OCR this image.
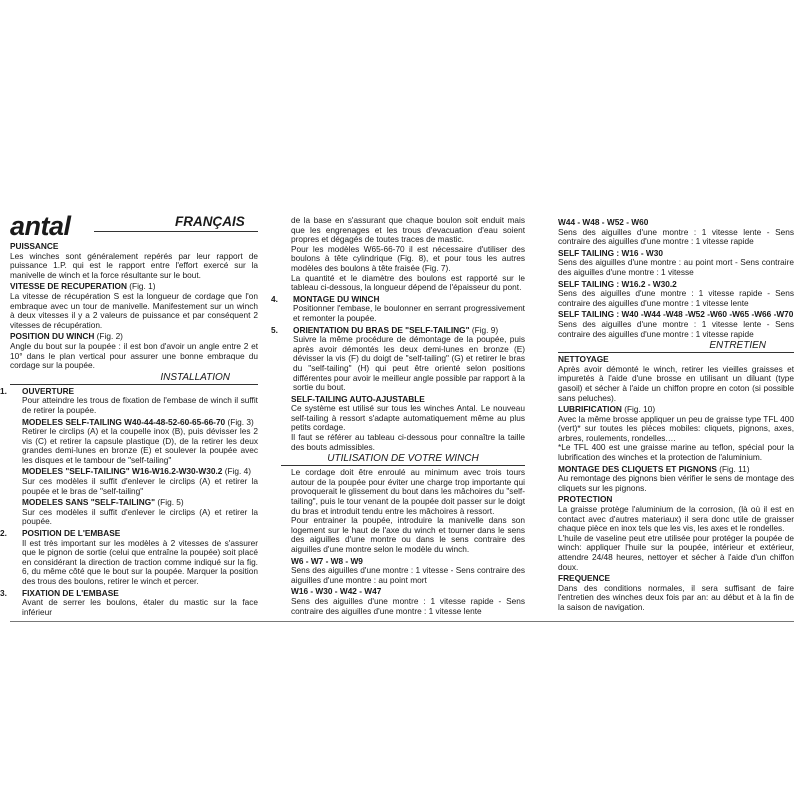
antal	FRANÇAIS
PUISSANCE

Les winches sont généralement repérés par leur rapport de puissance 1.P. qui est le rapport entre l'effort exercé sur la manivelle de winch et la force résultante sur le bout.

VITESSE DE RECUPERATION (Fig. 1)

La vitesse de récupération S est la longueur de cordage que l'on embraque avec un tour de manivelle. Manifestement sur un winch à deux vitesses il y a 2 valeurs de puissance et par conséquent 2 vitesses de récupération.

POSITION DU WINCH (Fig. 2)

Angle du bout sur la poupée : il est bon d'avoir un angle entre 2 et 10° dans le plan vertical pour assurer une bonne embraque du cordage sur la poupée.

INSTALLATION
1. OUVERTURE

Pour atteindre les trous de fixation de l'embase de winch il suffit de retirer la poupée.

MODELES SELF-TAILING W40-44-48-52-60-65-66-70 (Fig. 3)

Retirer le circlips (A) et la coupelle inox (B), puis dévisser les 2 vis (C) et retirer la capsule plastique (D), de la retirer les deux grandes demi-lunes en bronze (E) et soulever la poupée avec les disques et le tambour de "self-tailing"

MODELES "SELF-TAILING" W16-W16.2-W30-W30.2 (Fig. 4)

Sur ces modèles il suffit d'enlever le circlips (A) et retirer la poupée et le bras de "self-tailing"

MODELES SANS "SELF-TAILING" (Fig. 5)

Sur ces modèles il suffit d'enlever le circlips (A) et retirer la poupée.

2. POSITION DE L'EMBASE

Il est très important sur les modèles à 2 vitesses de s'assurer que le pignon de sortie (celui que entraîne la poupée) soit placé en considérant la direction de traction comme indiqué sur la fig. 6, du même côté que le bout sur la poupée. Marquer la position des trous des boulons, retirer le winch et percer.

3. FIXATION DE L'EMBASE

Avant de serrer les boulons, étaler du mastic sur la face inférieur

de la base en s'assurant que chaque boulon soit enduit mais que les engrenages et les trous d'evacuation d'eau soient propres et dégagés de toutes traces de mastic.

Pour les modèles W65-66-70 il est nécessaire d'utiliser des boulons à tête cylindrique (Fig. 8), et pour tous les autres modèles des boulons à tête fraisée (Fig. 7).

La quantité et le diamètre des boulons est rapporté sur le tableau ci-dessous, la longueur dépend de l'épaisseur du pont.

4. MONTAGE DU WINCH

Positionner l'embase, le boulonner en serrant progressivement et remonter la poupée.

5. ORIENTATION DU BRAS DE "SELF-TAILING" (Fig. 9)

Suivre la même procédure de démontage de la poupée, puis après avoir démontés les deux demi-lunes en bronze (E) dévisser la vis (F) du doigt de "self-tailing" (G) et retirer le bras du "self-tailing" (H) qui peut être orienté selon positions différentes pour avoir le meilleur angle possible par rapport à la sortie du bout.

SELF-TAILING AUTO-AJUSTABLE

Ce système est utilisé sur tous les winches Antal. Le nouveau self-tailing à ressort s'adapte automatiquement même au plus petits cordage.

Il faut se référer au tableau ci-dessous pour connaître la taille des bouts admissibles.

UTILISATION DE VOTRE WINCH

Le cordage doit être enroulé au minimum avec trois tours autour de la poupée pour éviter une charge trop importante qui provoquerait le glissement du bout dans les mâchoires du "self-tailing", puis le tour venant de la poupée doit passer sur le doigt du bras et introduit tendu entre les mâchoires à ressort.

Pour entrainer la poupée, introduire la manivelle dans son logement sur le haut de l'axe du winch et tourner dans le sens des aiguilles d'une montre ou dans le sens contraire des aiguilles d'une montre selon le modèle du winch.

W6 - W7 - W8 - W9

Sens des aiguilles d'une montre : 1 vitesse - Sens contraire des aiguilles d'une montre : au point mort

W16 - W30 - W42 - W47

Sens des aiguilles d'une montre : 1 vitesse rapide - Sens contraire des aiguilles d'une montre : 1 vitesse lente

W44 - W48 - W52 - W60

Sens des aiguilles d'une montre : 1 vitesse lente - Sens contraire des aiguilles d'une montre : 1 vitesse rapide

SELF TAILING : W16 - W30

Sens des aiguilles d'une montre : au point mort - Sens contraire des aiguilles d'une montre : 1 vitesse

SELF TAILING : W16.2 - W30.2

Sens des aiguilles d'une montre : 1 vitesse rapide - Sens contraire des aiguilles d'une montre : 1 vitesse lente

SELF TAILING : W40 -W44 -W48 -W52 -W60 -W65 -W66 -W70

Sens des aiguilles d'une montre : 1 vitesse lente - Sens contraire des aiguilles d'une montre : 1 vitesse rapide

ENTRETIEN
NETTOYAGE

Après avoir démonté le winch, retirer les vieilles graisses et impuretés à l'aide d'une brosse en utilisant un diluant (type gasoil) et sécher à l'aide un chiffon propre en coton (si possible sans peluches).

LUBRIFICATION (Fig. 10)

Avec la même brosse appliquer un peu de graisse type TFL 400 (vert)* sur toutes les pièces mobiles: cliquets, pignons, axes, arbres, roulements, rondelles.…

*Le TFL 400 est une graisse marine au teflon, spécial pour la lubrification des winches et la protection de l'aluminium.

MONTAGE DES CLIQUETS ET PIGNONS (Fig. 11)

Au remontage des pignons bien vérifier le sens de montage des cliquets sur les pignons.

PROTECTION

La graisse protège l'aluminium de la corrosion, (là où il est en contact avec d'autres materiaux) il sera donc utile de graisser chaque pièce en inox tels que les vis, les axes et le rondelles.

L'huile de vaseline peut etre utilisée pour protéger la poupée de winch: appliquer l'huile sur la poupée, intérieur et extérieur, attendre 24/48 heures, nettoyer et sécher à l'aide d'un chiffon doux.

FREQUENCE

Dans des conditions normales, il sera suffisant de faire l'entretien des winches deux fois par an: au début et à la fin de la saison de navigation.
